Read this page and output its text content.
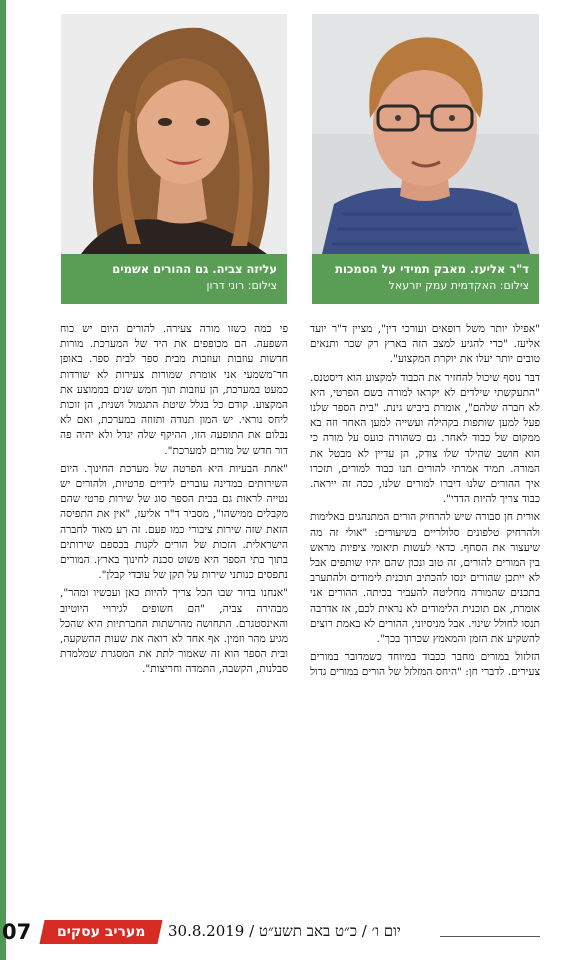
ד"ר אליעז. מאבק תמידי על הסמכות
צילום: האקדמית עמק יזרעאל
עליזה צביה. גם ההורים אשמים
צילום: רוני דרון

"אפילו יותר משל רופאים ועורכי דין", מציין ד"ר יועד אליעז. "כדי להגיע למצב הזה בארץ רק שכר ותנאים טובים יותר יעלו את יוקרת המקצוע".

דבר נוסף שיכול להחזיר את הכבוד למקצוע הוא דיסטנס. "התעקשתי שילדים לא יקראו למורה בשם הפרטי, היא לא חברה שלהם", אומרת ביביש גינת. "בית הספר שלנו פעל למען שותפות בקהילה ועשייה למען האחר וזה בא ממקום של כבוד לאחר. גם כשהורה כועס על מורה כי הוא חושב שהילד שלו צודק, הן עדיין לא מבטל את המורה. תמיד אמרתי להורים תנו כבוד למורים, תזכרו איך ההורים שלנו דיברו למורים שלנו, ככה זה ייראה. כבוד צריך להיות הדדי".

אורית חן סבורה שיש להרחיק הורים המתנהגים באלימות ולהרחיק טלפונים סלולריים בשיעורים: "אולי זה מה שיעצור את הסחף. כדאי לעשות תיאומי ציפיות מראש בין המורים להורים, זה טוב ונכון שהם יהיו שותפים אבל לא ייתכן שהורים ינסו להכתיב תוכנית לימודים ולהתערב בתכנים שהמורה מחליטה להעביר בכיתה. ההורים אני אומרת, אם תוכנית הלימודים לא נראית לכם, אז אדרבה תנסו לחולל שינוי. אבל מניסיוני, ההורים לא באמת רוצים להשקיע את הזמן והמאמץ שכרוך בכך".

הזלזול במורים מחבר ככבוד במיוחד כשמדובר במורים צעירים. לדברי חן: "היחס המזלזל של הורים במורים גדול

פי כמה כשזו מורה צעירה. להורים היום יש כוח השפעה. הם מכופפים את היד של המערכת. מורות חדשות עוזבות ועוזבות מבית ספר לבית ספר. באופן חד־משמעי אני אומרת שמורות צעירות לא שורדות כמעט במערכת, הן עוזבות תוך חמש שנים בממוצע את המקצוע. קודם כל בגלל שיטת התגמול ושנית, הן זוכות ליחס נוראי. יש המון תנודה ותזוזה במערכת, ואם לא נבלום את התופעה הזו, ההיקף שלה יגדל ולא יהיה פה דור חדש של מורים למערכת".

"אחת הבעיות היא הפרטה של מערכת החינוך. היום השירותים במדינה עוברים לידיים פרטיות, ולהורים יש נטייה לראות גם בבית הספר סוג של שירות פרטי שהם מקבלים ממישהו", מסביר ד"ר אליעז, "אין את התפיסה הזאת שזה שירות ציבורי כמו פעם. זה רע מאוד לחברה הישראלית. הזכות של הורים לקנות בכספם שירותים בתוך בתי הספר היא פשוט סכנה לחינוך בארץ. המורים נתפסים כנותני שירות על תקן של עובדי קבלן".

"אנחנו בדור שבו הכל צריך להיות כאן ועכשיו ומהר", מבהירה צביה, "הם חשופים לגירויי היוטיוב והאינסטגרם. התחושה מהרשתות החברתיות היא שהכל מגיע מהר וזמין. אף אחד לא רואה את שעות ההשקעה, ובית הספר הוא זה שאמור לתת את המסגרת שמלמדת סבלנות, הקשבה, התמדה וחריצות".

07	מעריב עסקים	יום ו׳ / כ״ט באב תשע״ט / 30.8.2019
